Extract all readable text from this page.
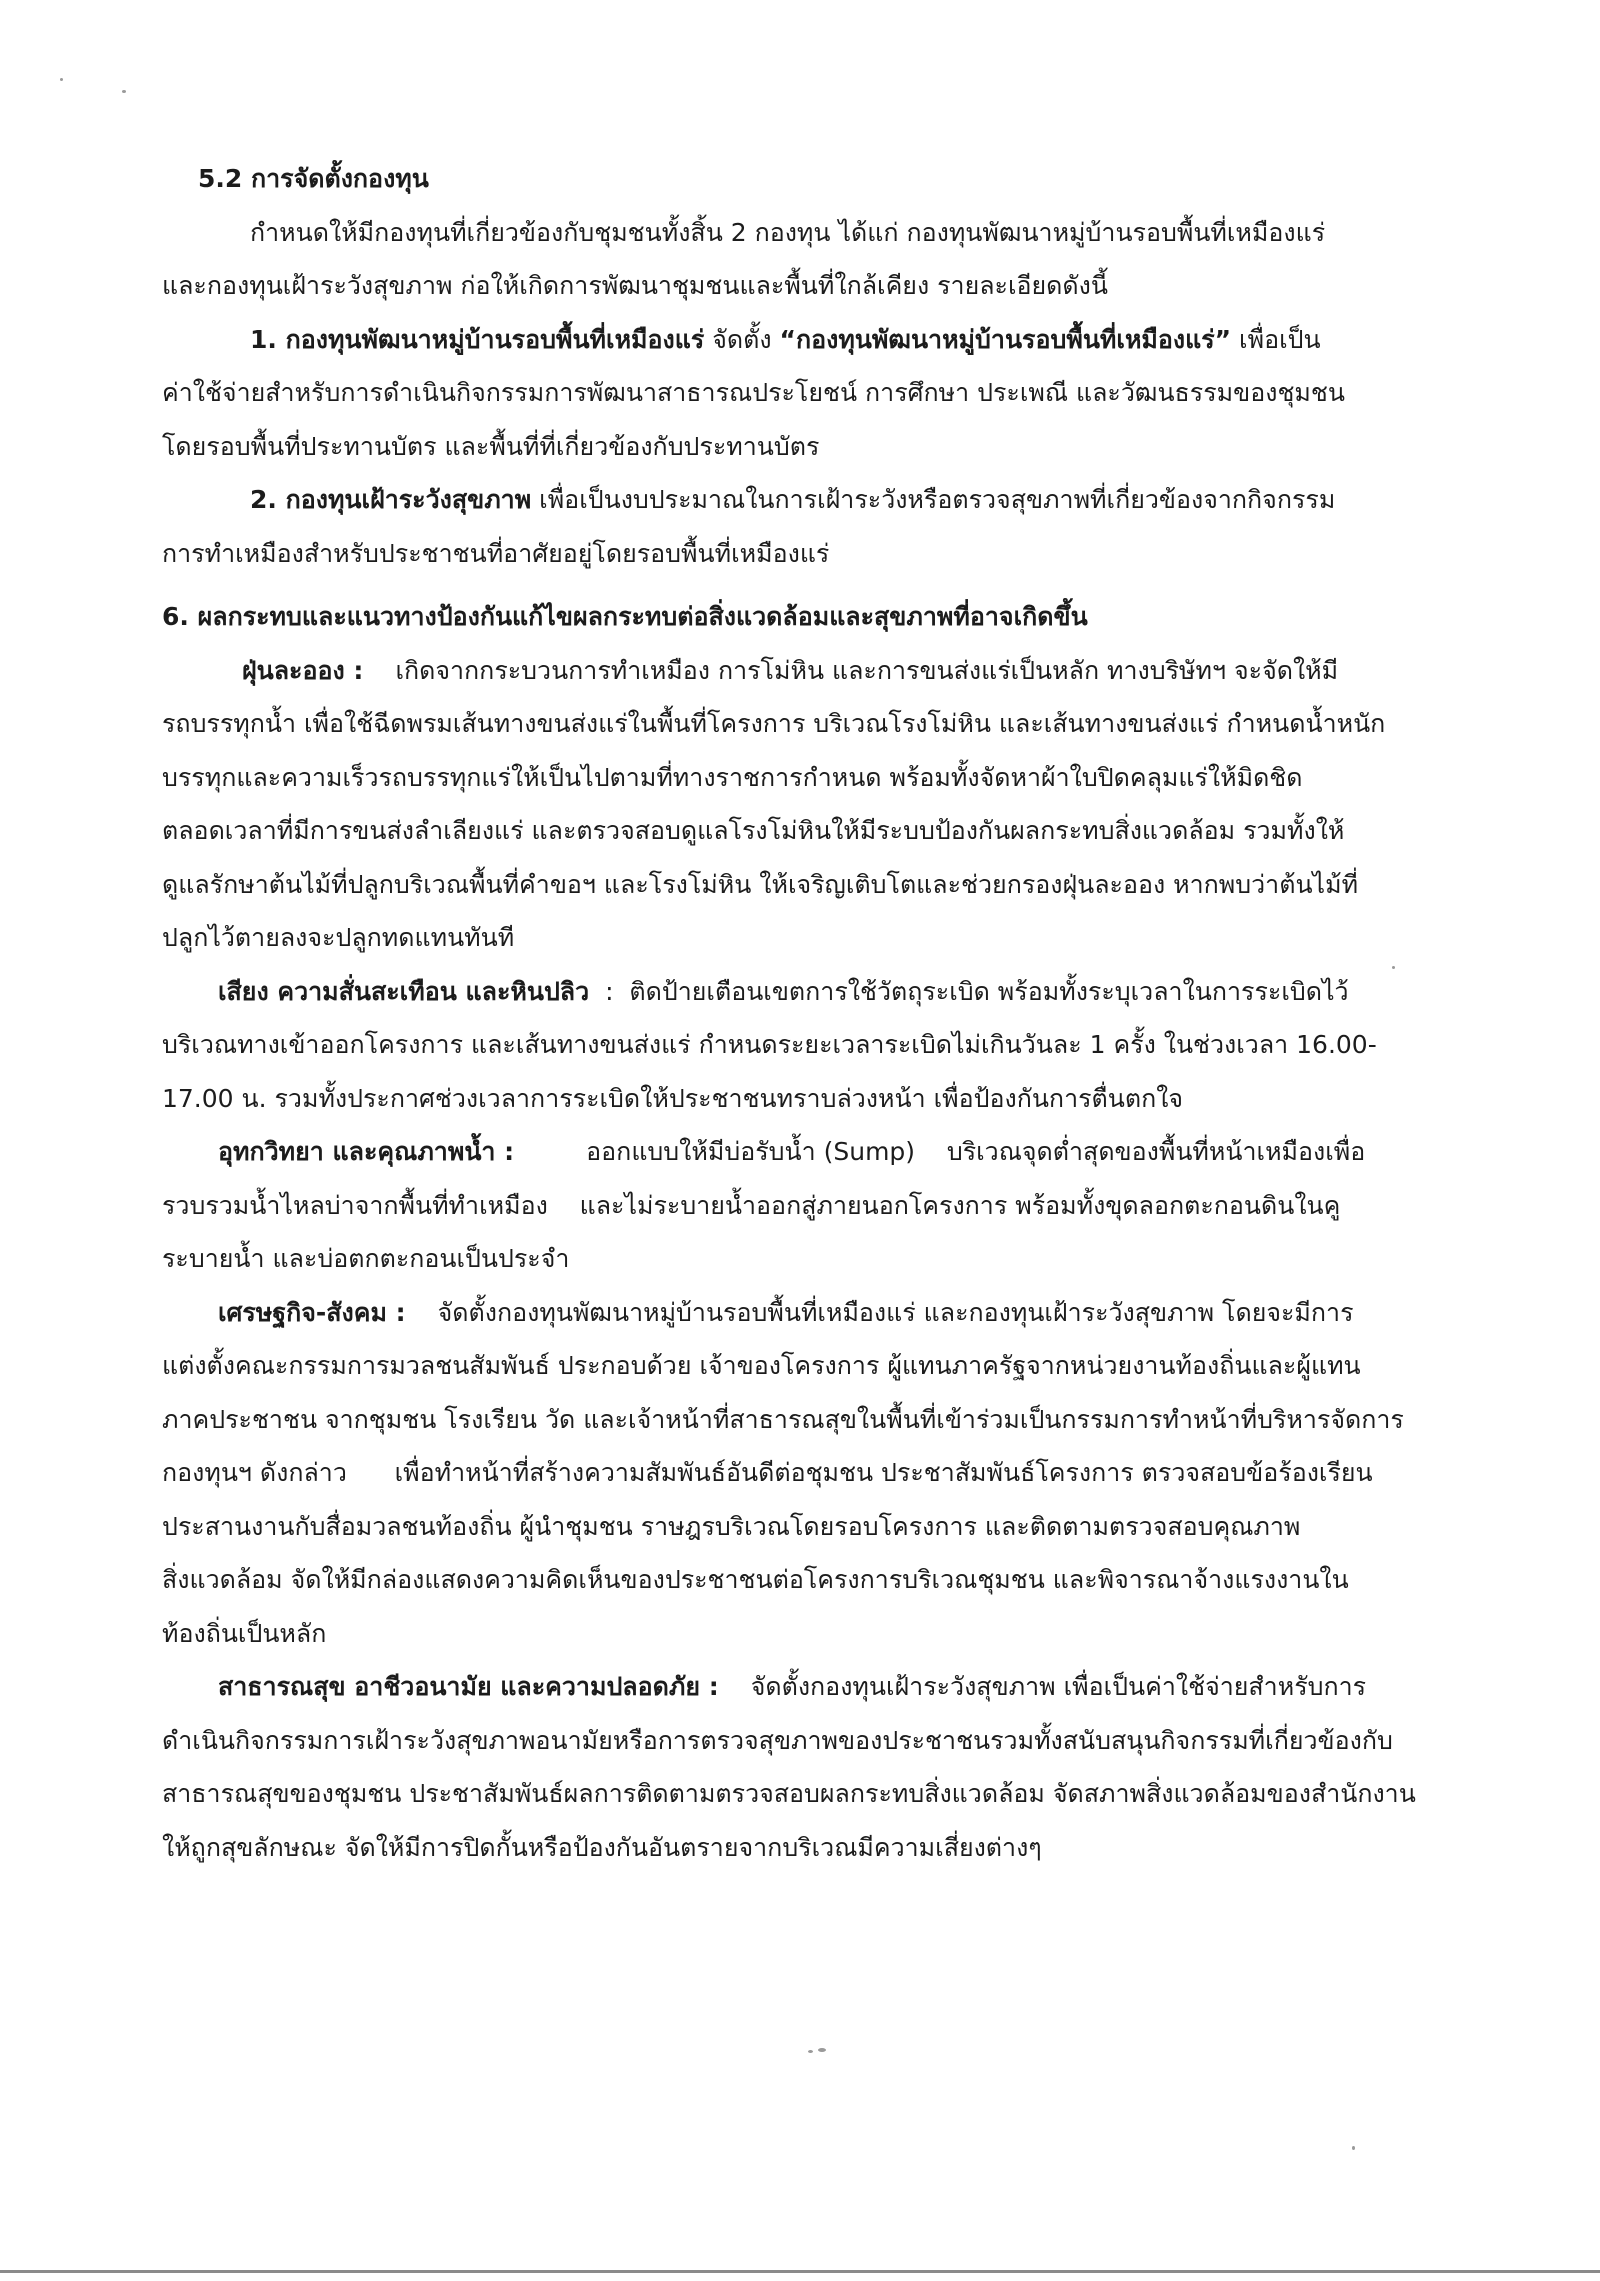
5.2 การจัดตั้งกองทุน

กำหนดให้มีกองทุนที่เกี่ยวข้องกับชุมชนทั้งสิ้น 2 กองทุน ได้แก่ กองทุนพัฒนาหมู่บ้านรอบพื้นที่เหมืองแร่

และกองทุนเฝ้าระวังสุขภาพ ก่อให้เกิดการพัฒนาชุมชนและพื้นที่ใกล้เคียง รายละเอียดดังนี้

1. กองทุนพัฒนาหมู่บ้านรอบพื้นที่เหมืองแร่ จัดตั้ง “กองทุนพัฒนาหมู่บ้านรอบพื้นที่เหมืองแร่” เพื่อเป็น

ค่าใช้จ่ายสำหรับการดำเนินกิจกรรมการพัฒนาสาธารณประโยชน์ การศึกษา ประเพณี และวัฒนธรรมของชุมชน

โดยรอบพื้นที่ประทานบัตร และพื้นที่ที่เกี่ยวข้องกับประทานบัตร

2. กองทุนเฝ้าระวังสุขภาพ เพื่อเป็นงบประมาณในการเฝ้าระวังหรือตรวจสุขภาพที่เกี่ยวข้องจากกิจกรรม

การทำเหมืองสำหรับประชาชนที่อาศัยอยู่โดยรอบพื้นที่เหมืองแร่

6. ผลกระทบและแนวทางป้องกันแก้ไขผลกระทบต่อสิ่งแวดล้อมและสุขภาพที่อาจเกิดขึ้น

ฝุ่นละออง : เกิดจากกระบวนการทำเหมือง การโม่หิน และการขนส่งแร่เป็นหลัก ทางบริษัทฯ จะจัดให้มี

รถบรรทุกน้ำ เพื่อใช้ฉีดพรมเส้นทางขนส่งแร่ในพื้นที่โครงการ บริเวณโรงโม่หิน และเส้นทางขนส่งแร่ กำหนดน้ำหนัก

บรรทุกและความเร็วรถบรรทุกแร่ให้เป็นไปตามที่ทางราชการกำหนด พร้อมทั้งจัดหาผ้าใบปิดคลุมแร่ให้มิดชิด

ตลอดเวลาที่มีการขนส่งลำเลียงแร่ และตรวจสอบดูแลโรงโม่หินให้มีระบบป้องกันผลกระทบสิ่งแวดล้อม รวมทั้งให้

ดูแลรักษาต้นไม้ที่ปลูกบริเวณพื้นที่คำขอฯ และโรงโม่หิน ให้เจริญเติบโตและช่วยกรองฝุ่นละออง หากพบว่าต้นไม้ที่

ปลูกไว้ตายลงจะปลูกทดแทนทันที

เสียง ความสั่นสะเทือน และหินปลิว  :  ติดป้ายเตือนเขตการใช้วัตถุระเบิด พร้อมทั้งระบุเวลาในการระเบิดไว้

บริเวณทางเข้าออกโครงการ และเส้นทางขนส่งแร่ กำหนดระยะเวลาระเบิดไม่เกินวันละ 1 ครั้ง ในช่วงเวลา 16.00-

17.00 น. รวมทั้งประกาศช่วงเวลาการระเบิดให้ประชาชนทราบล่วงหน้า เพื่อป้องกันการตื่นตกใจ

อุทกวิทยา และคุณภาพน้ำ :	ออกแบบให้มีบ่อรับน้ำ (Sump)    บริเวณจุดต่ำสุดของพื้นที่หน้าเหมืองเพื่อ

รวบรวมน้ำไหลบ่าจากพื้นที่ทำเหมือง    และไม่ระบายน้ำออกสู่ภายนอกโครงการ พร้อมทั้งขุดลอกตะกอนดินในคู

ระบายน้ำ และบ่อตกตะกอนเป็นประจำ

เศรษฐกิจ-สังคม : จัดตั้งกองทุนพัฒนาหมู่บ้านรอบพื้นที่เหมืองแร่ และกองทุนเฝ้าระวังสุขภาพ โดยจะมีการ

แต่งตั้งคณะกรรมการมวลชนสัมพันธ์ ประกอบด้วย เจ้าของโครงการ ผู้แทนภาครัฐจากหน่วยงานท้องถิ่นและผู้แทน

ภาคประชาชน จากชุมชน โรงเรียน วัด และเจ้าหน้าที่สาธารณสุขในพื้นที่เข้าร่วมเป็นกรรมการทำหน้าที่บริหารจัดการ

กองทุนฯ ดังกล่าว      เพื่อทำหน้าที่สร้างความสัมพันธ์อันดีต่อชุมชน ประชาสัมพันธ์โครงการ ตรวจสอบข้อร้องเรียน

ประสานงานกับสื่อมวลชนท้องถิ่น ผู้นำชุมชน ราษฎรบริเวณโดยรอบโครงการ และติดตามตรวจสอบคุณภาพ

สิ่งแวดล้อม จัดให้มีกล่องแสดงความคิดเห็นของประชาชนต่อโครงการบริเวณชุมชน และพิจารณาจ้างแรงงานใน

ท้องถิ่นเป็นหลัก

สาธารณสุข อาชีวอนามัย และความปลอดภัย : จัดตั้งกองทุนเฝ้าระวังสุขภาพ เพื่อเป็นค่าใช้จ่ายสำหรับการ

ดำเนินกิจกรรมการเฝ้าระวังสุขภาพอนามัยหรือการตรวจสุขภาพของประชาชนรวมทั้งสนับสนุนกิจกรรมที่เกี่ยวข้องกับ

สาธารณสุขของชุมชน ประชาสัมพันธ์ผลการติดตามตรวจสอบผลกระทบสิ่งแวดล้อม จัดสภาพสิ่งแวดล้อมของสำนักงาน

ให้ถูกสุขลักษณะ จัดให้มีการปิดกั้นหรือป้องกันอันตรายจากบริเวณมีความเสี่ยงต่างๆ
